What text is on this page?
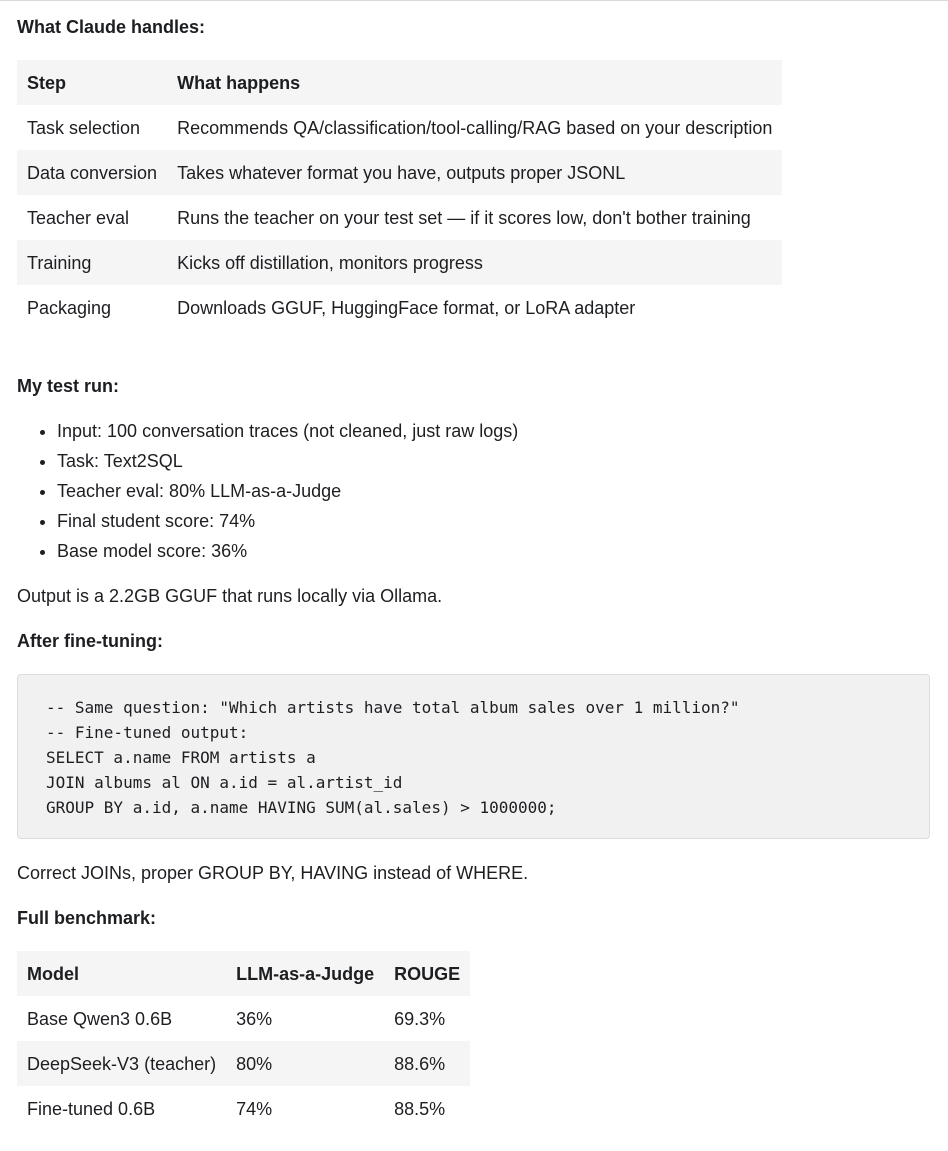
What Claude handles:

Step	What happens
Task selection	Recommends QA/classification/tool-calling/RAG based on your description
Data conversion	Takes whatever format you have, outputs proper JSONL
Teacher eval	Runs the teacher on your test set — if it scores low, don't bother training
Training	Kicks off distillation, monitors progress
Packaging	Downloads GGUF, HuggingFace format, or LoRA adapter

My test run:

• Input: 100 conversation traces (not cleaned, just raw logs)
• Task: Text2SQL
• Teacher eval: 80% LLM-as-a-Judge
• Final student score: 74%
• Base model score: 36%

Output is a 2.2GB GGUF that runs locally via Ollama.

After fine-tuning:

-- Same question: "Which artists have total album sales over 1 million?"
-- Fine-tuned output:
SELECT a.name FROM artists a
JOIN albums al ON a.id = al.artist_id
GROUP BY a.id, a.name HAVING SUM(al.sales) > 1000000;

Correct JOINs, proper GROUP BY, HAVING instead of WHERE.

Full benchmark:

Model	LLM-as-a-Judge	ROUGE
Base Qwen3 0.6B	36%	69.3%
DeepSeek-V3 (teacher)	80%	88.6%
Fine-tuned 0.6B	74%	88.5%
